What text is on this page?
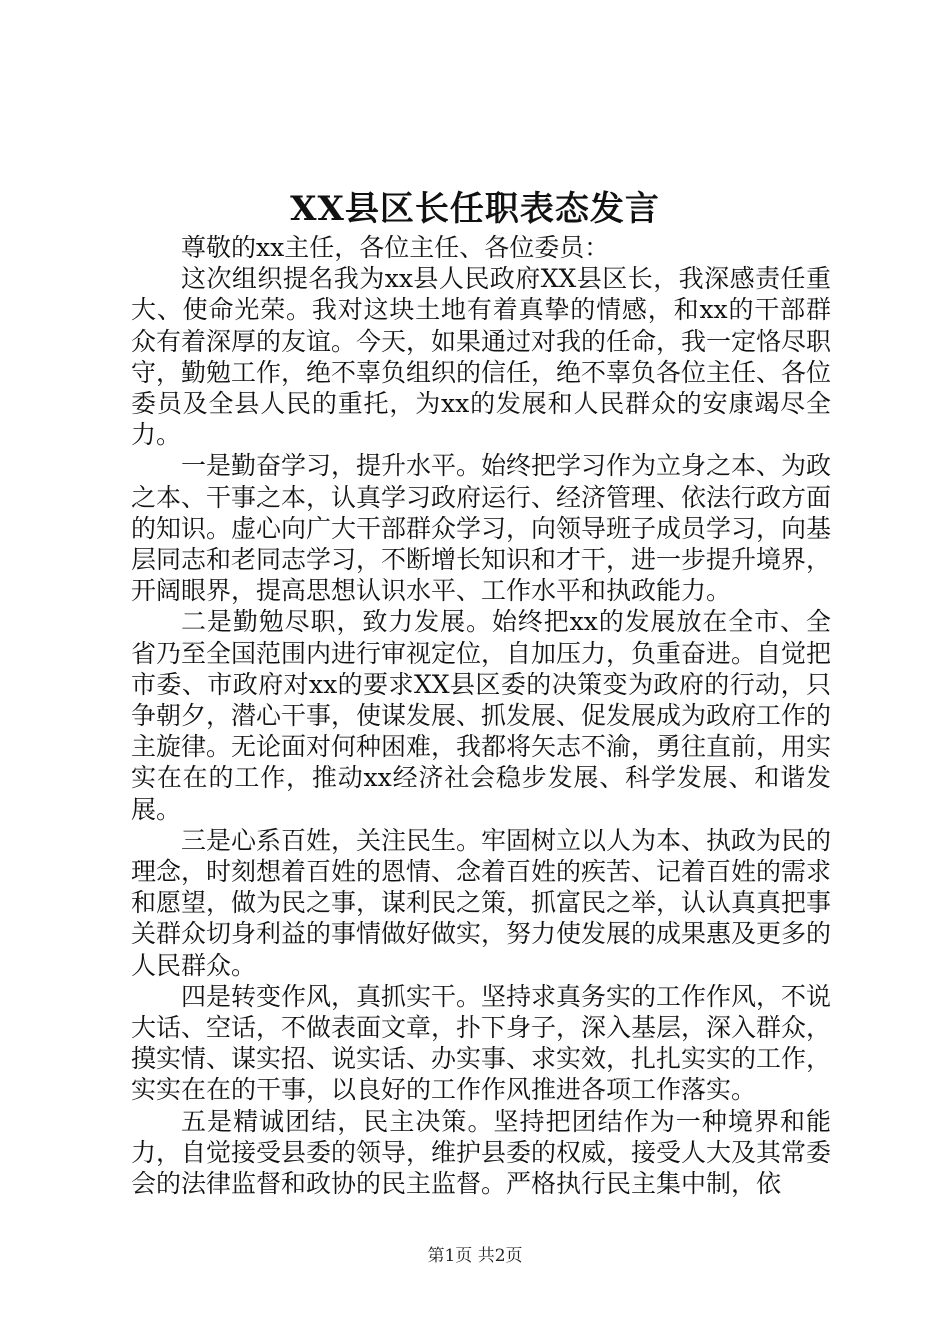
XX县区长任职表态发言

尊敬的xx主任，各位主任、各位委员：

这次组织提名我为xx县人民政府XX县区长，我深感责任重大、使命光荣。我对这块土地有着真挚的情感，和xx的干部群众有着深厚的友谊。今天，如果通过对我的任命，我一定恪尽职守，勤勉工作，绝不辜负组织的信任，绝不辜负各位主任、各位委员及全县人民的重托，为xx的发展和人民群众的安康竭尽全力。

一是勤奋学习，提升水平。始终把学习作为立身之本、为政之本、干事之本，认真学习政府运行、经济管理、依法行政方面的知识。虚心向广大干部群众学习，向领导班子成员学习，向基层同志和老同志学习，不断增长知识和才干，进一步提升境界，开阔眼界，提高思想认识水平、工作水平和执政能力。

二是勤勉尽职，致力发展。始终把xx的发展放在全市、全省乃至全国范围内进行审视定位，自加压力，负重奋进。自觉把市委、市政府对xx的要求XX县区委的决策变为政府的行动，只争朝夕，潜心干事，使谋发展、抓发展、促发展成为政府工作的主旋律。无论面对何种困难，我都将矢志不渝，勇往直前，用实实在在的工作，推动xx经济社会稳步发展、科学发展、和谐发展。

三是心系百姓，关注民生。牢固树立以人为本、执政为民的理念，时刻想着百姓的恩情、念着百姓的疾苦、记着百姓的需求和愿望，做为民之事，谋利民之策，抓富民之举，认认真真把事关群众切身利益的事情做好做实，努力使发展的成果惠及更多的人民群众。

四是转变作风，真抓实干。坚持求真务实的工作作风，不说大话、空话，不做表面文章，扑下身子，深入基层，深入群众，摸实情、谋实招、说实话、办实事、求实效，扎扎实实的工作，实实在在的干事，以良好的工作作风推进各项工作落实。

五是精诚团结，民主决策。坚持把团结作为一种境界和能力，自觉接受县委的领导，维护县委的权威，接受人大及其常委会的法律监督和政协的民主监督。严格执行民主集中制，依

第1页 共2页
